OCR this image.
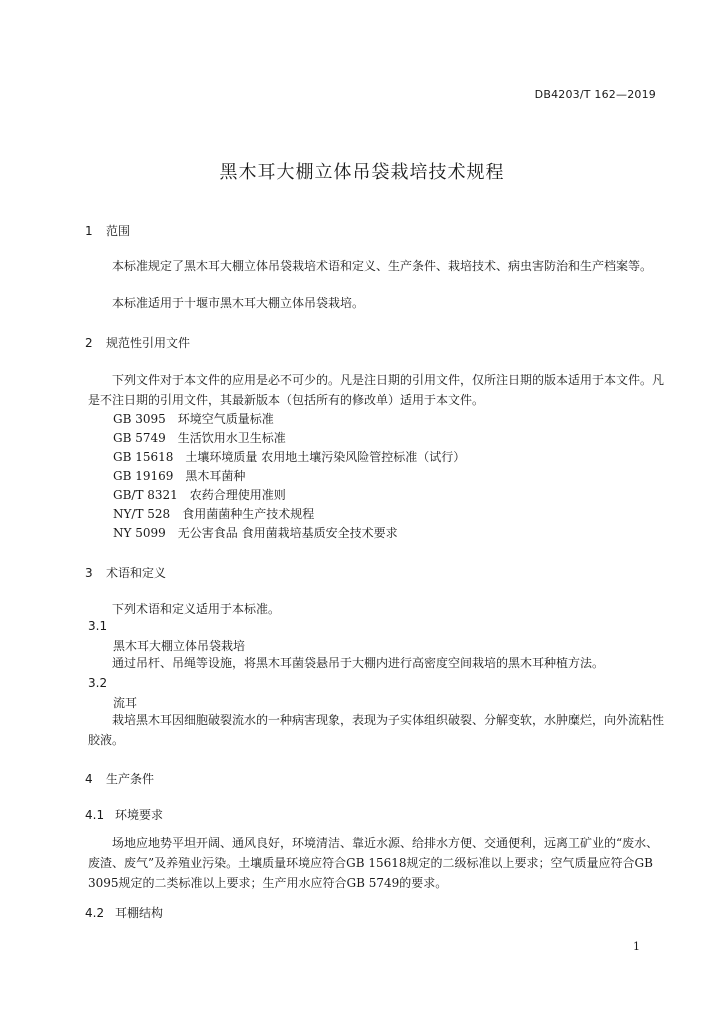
DB4203/T 162—2019
黑木耳大棚立体吊袋栽培技术规程
1 范围
本标准规定了黑木耳大棚立体吊袋栽培术语和定义、生产条件、栽培技术、病虫害防治和生产档案等。
本标准适用于十堰市黑木耳大棚立体吊袋栽培。
2 规范性引用文件
下列文件对于本文件的应用是必不可少的。凡是注日期的引用文件，仅所注日期的版本适用于本文件。凡是不注日期的引用文件，其最新版本（包括所有的修改单）适用于本文件。
GB 3095　环境空气质量标准
GB 5749　生活饮用水卫生标准
GB 15618　土壤环境质量 农用地土壤污染风险管控标准（试行）
GB 19169　黑木耳菌种
GB/T 8321　农药合理使用准则
NY/T 528　食用菌菌种生产技术规程
NY 5099　无公害食品 食用菌栽培基质安全技术要求
3 术语和定义
下列术语和定义适用于本标准。
3.1
黑木耳大棚立体吊袋栽培
通过吊杆、吊绳等设施，将黑木耳菌袋悬吊于大棚内进行高密度空间栽培的黑木耳种植方法。
3.2
流耳
栽培黑木耳因细胞破裂流水的一种病害现象，表现为子实体组织破裂、分解变软，水肿糜烂，向外流粘性胶液。
4 生产条件
4.1 环境要求
场地应地势平坦开阔、通风良好，环境清洁、靠近水源、给排水方便、交通便利，远离工矿业的“废水、废渣、废气”及养殖业污染。土壤质量环境应符合GB 15618规定的二级标准以上要求；空气质量应符合GB 3095规定的二类标准以上要求；生产用水应符合GB 5749的要求。
4.2 耳棚结构
1
